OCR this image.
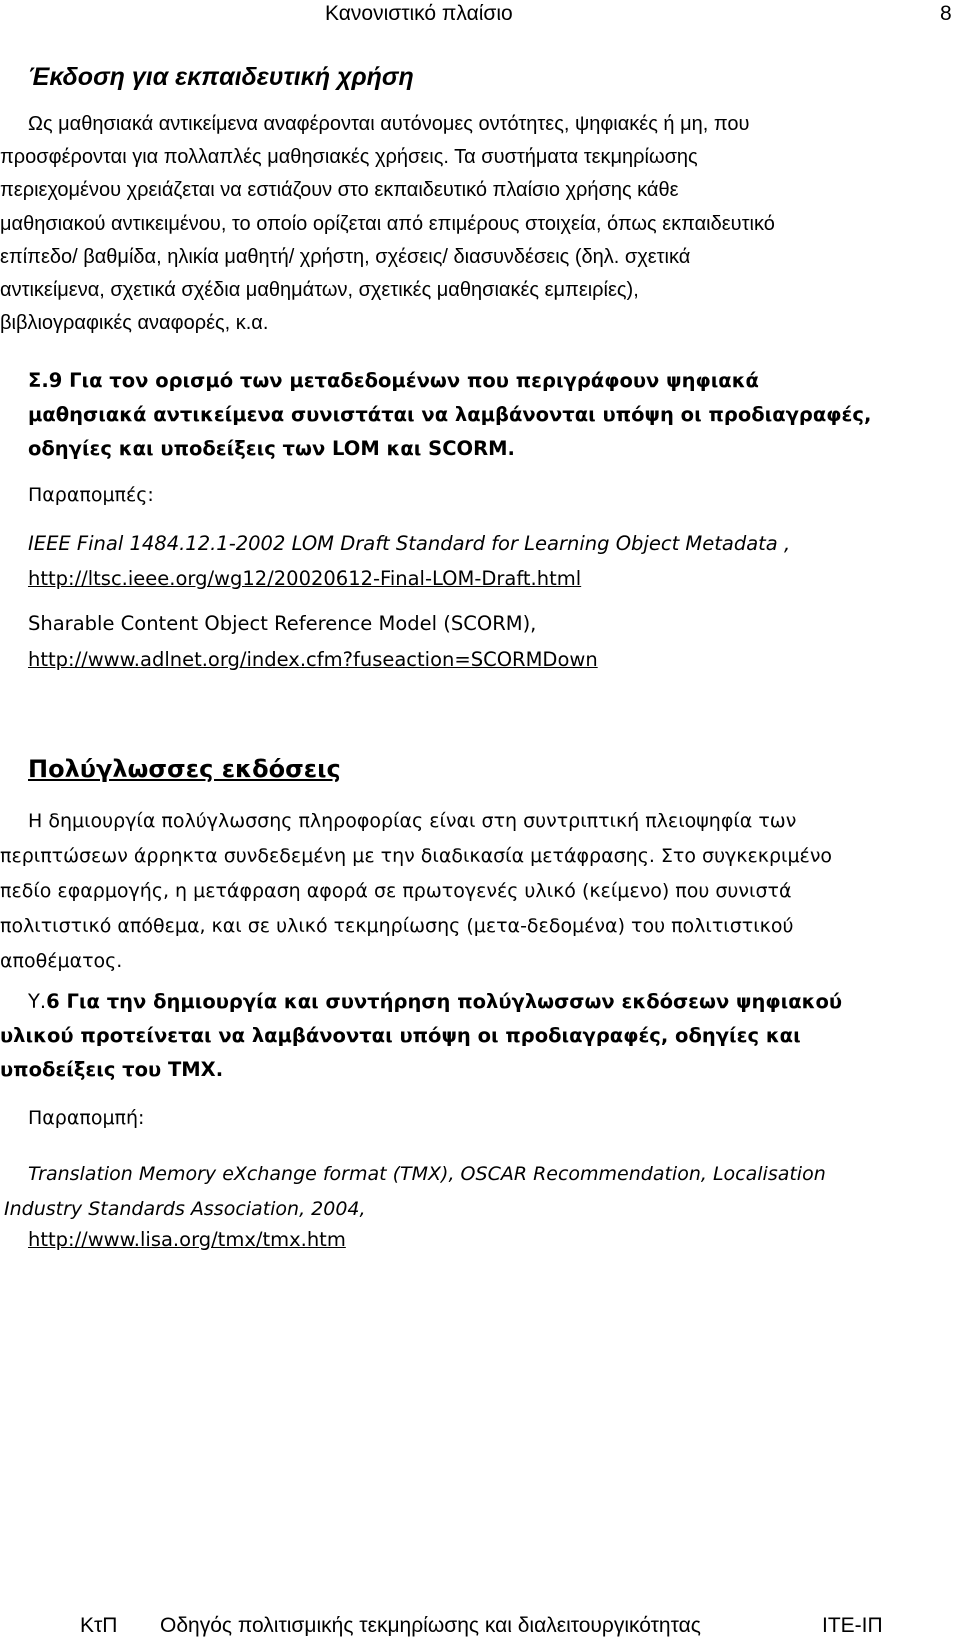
Κανονιστικό πλαίσιο	8
Έκδοση για εκπαιδευτική χρήση
Ως μαθησιακά αντικείμενα αναφέρονται αυτόνομες οντότητες, ψηφιακές ή μη, που
προσφέρονται για πολλαπλές μαθησιακές χρήσεις. Τα συστήματα τεκμηρίωσης
περιεχομένου χρειάζεται να εστιάζουν στο εκπαιδευτικό πλαίσιο χρήσης κάθε
μαθησιακού αντικειμένου, το οποίο ορίζεται από επιμέρους στοιχεία, όπως εκπαιδευτικό
επίπεδο/ βαθμίδα, ηλικία μαθητή/ χρήστη, σχέσεις/ διασυνδέσεις (δηλ. σχετικά
αντικείμενα, σχετικά σχέδια μαθημάτων, σχετικές μαθησιακές εμπειρίες),
βιβλιογραφικές αναφορές, κ.α.
Σ.9 Για τον ορισμό των μεταδεδομένων που περιγράφουν ψηφιακά
μαθησιακά αντικείμενα συνιστάται να λαμβάνονται υπόψη οι προδιαγραφές,
οδηγίες και υποδείξεις των LOM και SCORM.
Παραπομπές:
IEEE Final 1484.12.1-2002 LOM Draft Standard for Learning Object Metadata ,
http://ltsc.ieee.org/wg12/20020612-Final-LOM-Draft.html
Sharable Content Object Reference Model (SCORM),
http://www.adlnet.org/index.cfm?fuseaction=SCORMDown
Πολύγλωσσες εκδόσεις
Η δημιουργία πολύγλωσσης πληροφορίας είναι στη συντριπτική πλειοψηφία των
περιπτώσεων άρρηκτα συνδεδεμένη με την διαδικασία μετάφρασης. Στο συγκεκριμένο
πεδίο εφαρμογής, η μετάφραση αφορά σε πρωτογενές υλικό (κείμενο) που συνιστά
πολιτιστικό απόθεμα, και σε υλικό τεκμηρίωσης (μετα-δεδομένα) του πολιτιστικού
αποθέματος.
Υ.6 Για την δημιουργία και συντήρηση πολύγλωσσων εκδόσεων ψηφιακού
υλικού προτείνεται να λαμβάνονται υπόψη οι προδιαγραφές, οδηγίες και
υποδείξεις του TMX.
Παραπομπή:
Translation Memory eXchange format (TMX), OSCAR Recommendation, Localisation
Industry Standards Association, 2004,
http://www.lisa.org/tmx/tmx.htm
ΚτΠ Οδηγός πολιτισμικής τεκμηρίωσης και διαλειτουργικότητας	ΙΤΕ-ΙΠ
